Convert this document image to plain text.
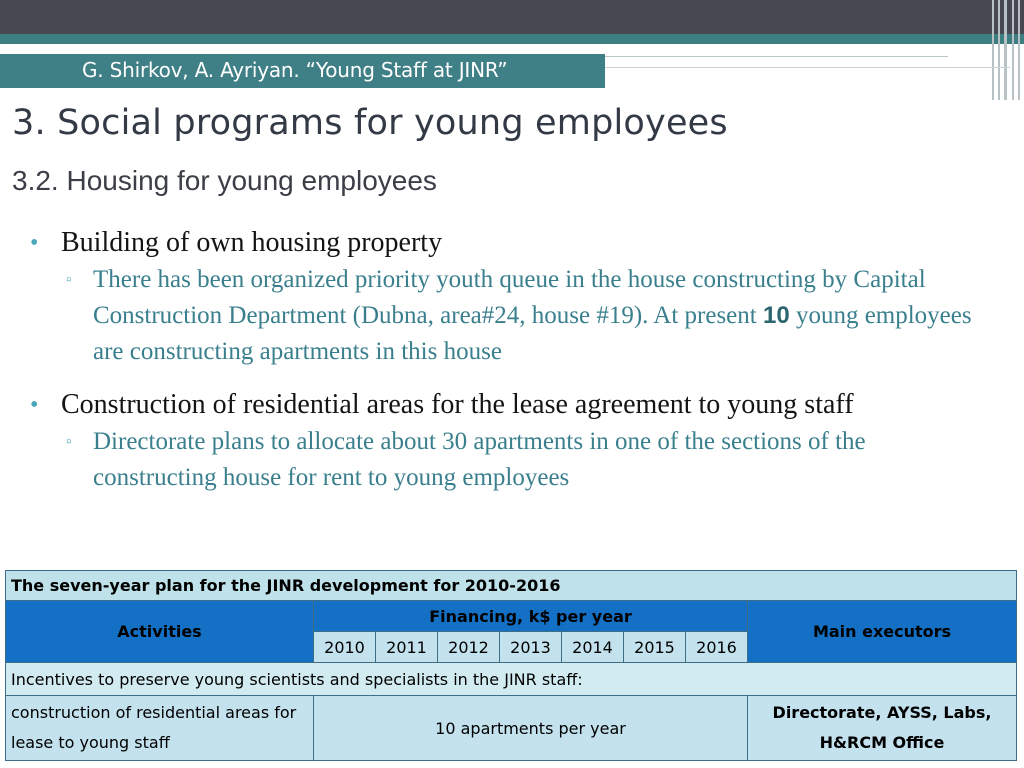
G. Shirkov, A. Ayriyan. “Young Staff at JINR”
3. Social programs for young employees
3.2. Housing for young employees
• Building of own housing property
▫ There has been organized priority youth queue in the house constructing by Capital Construction Department (Dubna, area#24, house #19). At present 10 young employees are constructing apartments in this house
• Construction of residential areas for the lease agreement to young staff
▫ Directorate plans to allocate about 30 apartments in one of the sections of the constructing house for rent to young employees
The seven-year plan for the JINR development for 2010-2016								
Activities	Financing, k$ per year							Main executors
	2010	2011	2012	2013	2014	2015	2016	
Incentives to preserve young scientists and specialists in the JINR staff:								
construction of residential areas for lease to young staff	10 apartments per year							Directorate, AYSS, Labs, H&RCM Office
